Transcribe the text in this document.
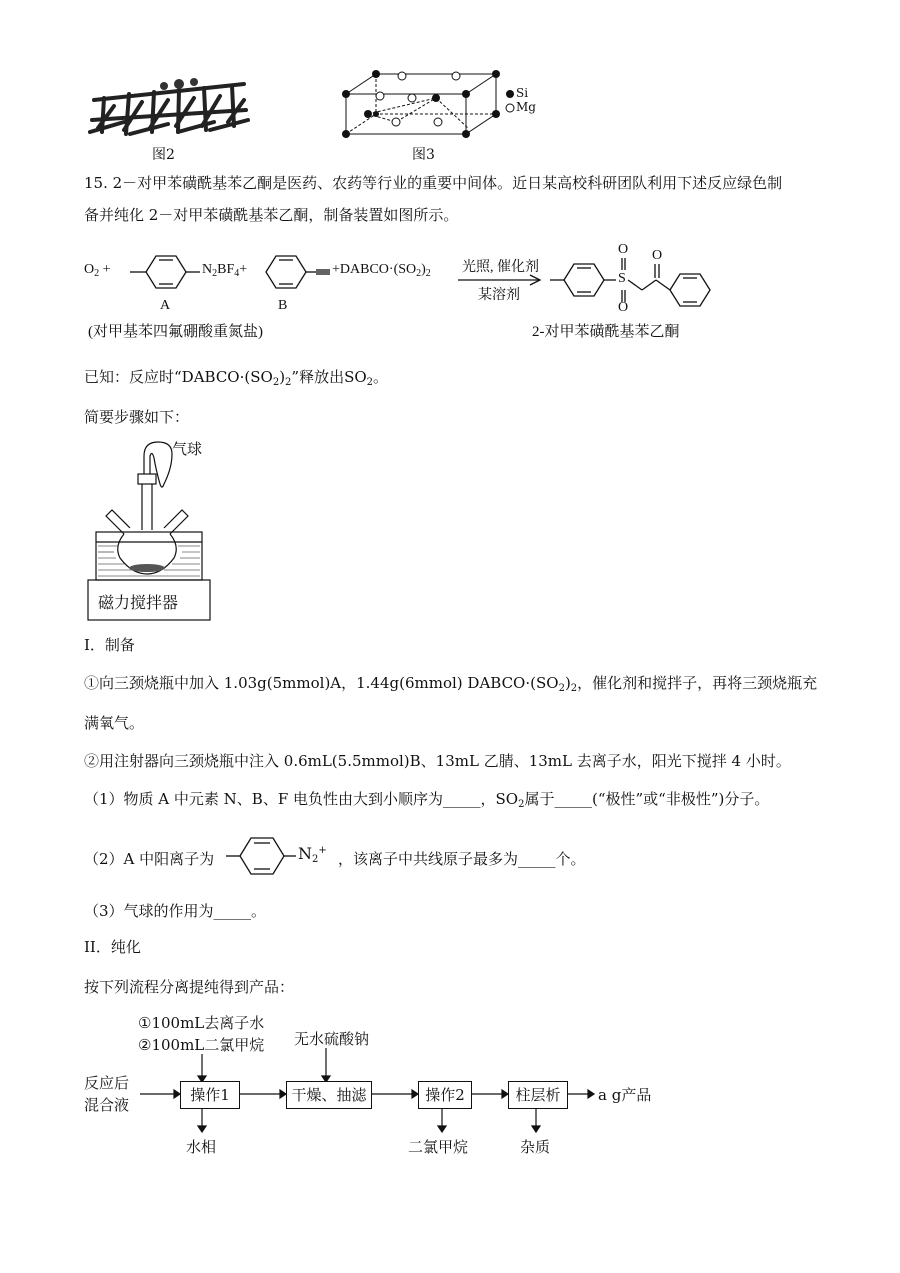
图2
Si
Mg
图3
15. 2－对甲苯磺酰基苯乙酮是医药、农药等行业的重要中间体。近日某高校科研团队利用下述反应绿色制
备并纯化 2－对甲苯磺酰基苯乙酮，制备装置如图所示。
$O_2$ +	$N_2BF_4+$	$+DABCO\cdot(SO_2)_2$ 光照, 催化剂
某溶剂
S
O
O
O
A	B
(对甲基苯四氟硼酸重氮盐)	2-对甲苯磺酰基苯乙酮
已知：反应时“$DABCO\cdot(SO_2)_2$”释放出$SO_2$。
简要步骤如下：
气球
磁力搅拌器
I．制备
①向三颈烧瓶中加入 1.03g(5mmol)A，1.44g(6mmol) $DABCO\cdot(SO_2)_2$，催化剂和搅拌子，再将三颈烧瓶充
满氧气。
②用注射器向三颈烧瓶中注入 0.6mL(5.5mmol)B、13mL 乙腈、13mL 去离子水，阳光下搅拌 4 小时。
（1）物质 A 中元素 N、B、F 电负性由大到小顺序为_____，$SO_2$属于_____(“极性”或“非极性”)分子。
（2）A 中阳离子为	$N_2^+$ ，该离子中共线原子最多为_____个。
（3）气球的作用为_____。
II．纯化
按下列流程分离提纯得到产品：
①100mL去离子水
②100mL二氯甲烷 无水硫酸钠
反应后
混合液
操作1	干燥、抽滤	操作2	柱层析	a g产品
水相	二氯甲烷	杂质
